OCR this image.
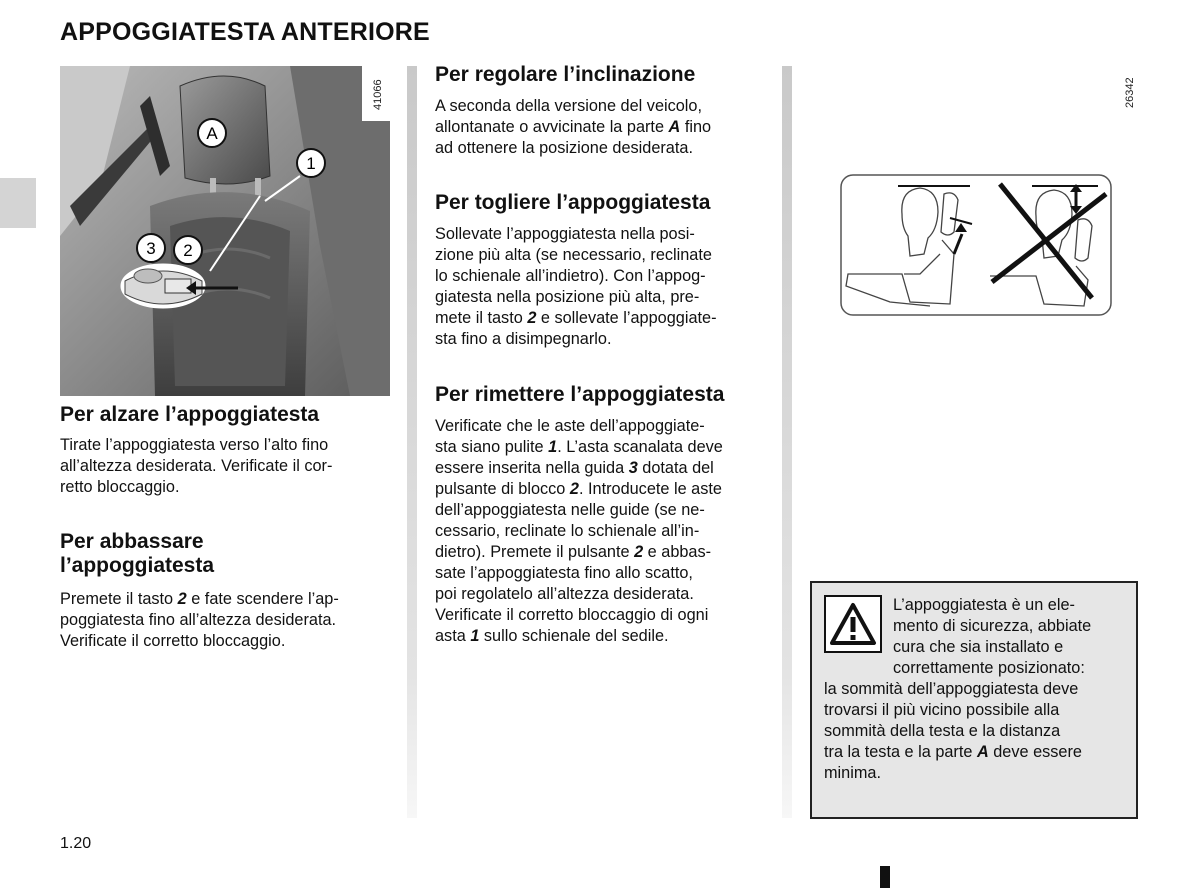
APPOGGIATESTA ANTERIORE
A
1
3 2
41066
Per alzare l’appoggiatesta
Tirate l’appoggiatesta verso l’alto fino
all’altezza desiderata. Verificate il cor-
retto bloccaggio.
Per abbassare
l’appoggiatesta
Premete il tasto 2 e fate scendere l’ap-
poggiatesta fino all’altezza desiderata.
Verificate il corretto bloccaggio.
Per regolare l’inclinazione
A seconda della versione del veicolo,
allontanate o avvicinate la parte A fino
ad ottenere la posizione desiderata.
Per togliere l’appoggiatesta
Sollevate l’appoggiatesta nella posi-
zione più alta (se necessario, reclinate
lo schienale all’indietro). Con l’appog-
giatesta nella posizione più alta, pre-
mete il tasto 2 e sollevate l’appoggiate-
sta fino a disimpegnarlo.
Per rimettere l’appoggiatesta
Verificate che le aste dell’appoggiate-
sta siano pulite 1. L’asta scanalata deve
essere inserita nella guida 3 dotata del
pulsante di blocco 2. Introducete le aste
dell’appoggiatesta nelle guide (se ne-
cessario, reclinate lo schienale all’in-
dietro). Premete il pulsante 2 e abbas-
sate l’appoggiatesta fino allo scatto,
poi regolatelo all’altezza desiderata.
Verificate il corretto bloccaggio di ogni
asta 1 sullo schienale del sedile.
26342
L’appoggiatesta è un ele-
mento di sicurezza, abbiate
cura che sia installato e
correttamente posizionato:
la sommità dell’appoggiatesta deve
trovarsi il più vicino possibile alla
sommità della testa e la distanza
tra la testa e la parte A deve essere
minima.
1.20
